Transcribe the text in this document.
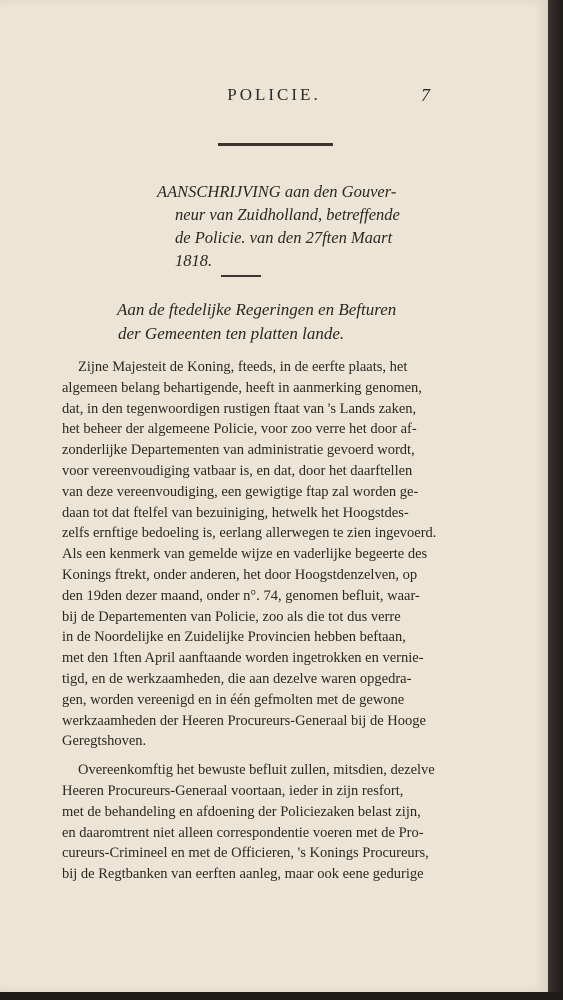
POLICIE.	7
AANSCHRIJVING aan den Gouver-
neur van Zuidholland, betreffende
de Policie. van den 27ften Maart
1818.
Aan de ftedelijke Regeringen en Befturen
der Gemeenten ten platten lande.
Zijne Majesteit de Koning, fteeds, in de eerfte plaats, het
algemeen belang behartigende, heeft in aanmerking genomen,
dat, in den tegenwoordigen rustigen ftaat van 's Lands zaken,
het beheer der algemeene Policie, voor zoo verre het door af-
zonderlijke Departementen van administratie gevoerd wordt,
voor vereenvoudiging vatbaar is, en dat, door het daarftellen
van deze vereenvoudiging, een gewigtige ftap zal worden ge-
daan tot dat ftelfel van bezuiniging, hetwelk het Hoogstdes-
zelfs ernftige bedoeling is, eerlang allerwegen te zien ingevoerd.
Als een kenmerk van gemelde wijze en vaderlijke begeerte des
Konings ftrekt, onder anderen, het door Hoogstdenzelven, op
den 19den dezer maand, onder n°. 74, genomen befluit, waar-
bij de Departementen van Policie, zoo als die tot dus verre
in de Noordelijke en Zuidelijke Provincien hebben beftaan,
met den 1ften April aanftaande worden ingetrokken en vernie-
tigd, en de werkzaamheden, die aan dezelve waren opgedra-
gen, worden vereenigd en in één gefmolten met de gewone
werkzaamheden der Heeren Procureurs-Generaal bij de Hooge
Geregtshoven.
Overeenkomftig het bewuste befluit zullen, mitsdien, dezelve
Heeren Procureurs-Generaal voortaan, ieder in zijn resfort,
met de behandeling en afdoening der Policiezaken belast zijn,
en daaromtrent niet alleen correspondentie voeren met de Pro-
cureurs-Crimineel en met de Officieren, 's Konings Procureurs,
bij de Regtbanken van eerften aanleg, maar ook eene gedurige
